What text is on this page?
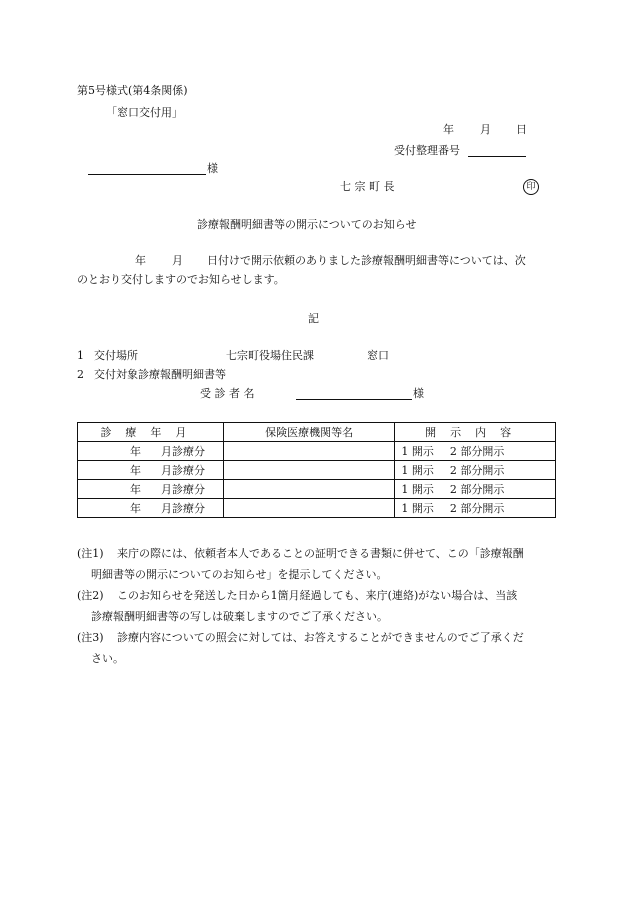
第5号様式(第4条関係)
「窓口交付用」
年 月 日
受付整理番号
様
七 宗 町 長	印
診療報酬明細書等の開示についてのお知らせ
年 月 日付けで開示依頼のありました診療報酬明細書等については、次
のとおり交付しますのでお知らせします。
記
1 交付場所	七宗町役場住民課	窓口
2 交付対象診療報酬明細書等
受 診 者 名	様
診療年月	保険医療機関等名	開示内容
年 月診療分		1 開示 2 部分開示
年 月診療分		1 開示 2 部分開示
年 月診療分		1 開示 2 部分開示
年 月診療分		1 開示 2 部分開示
(注1)	来庁の際には、依頼者本人であることの証明できる書類に併せて、この「診療報酬
明細書等の開示についてのお知らせ」を提示してください。
(注2)	このお知らせを発送した日から1箇月経過しても、来庁(連絡)がない場合は、当該
診療報酬明細書等の写しは破棄しますのでご了承ください。
(注3)	診療内容についての照会に対しては、お答えすることができませんのでご了承くだ
さい。
